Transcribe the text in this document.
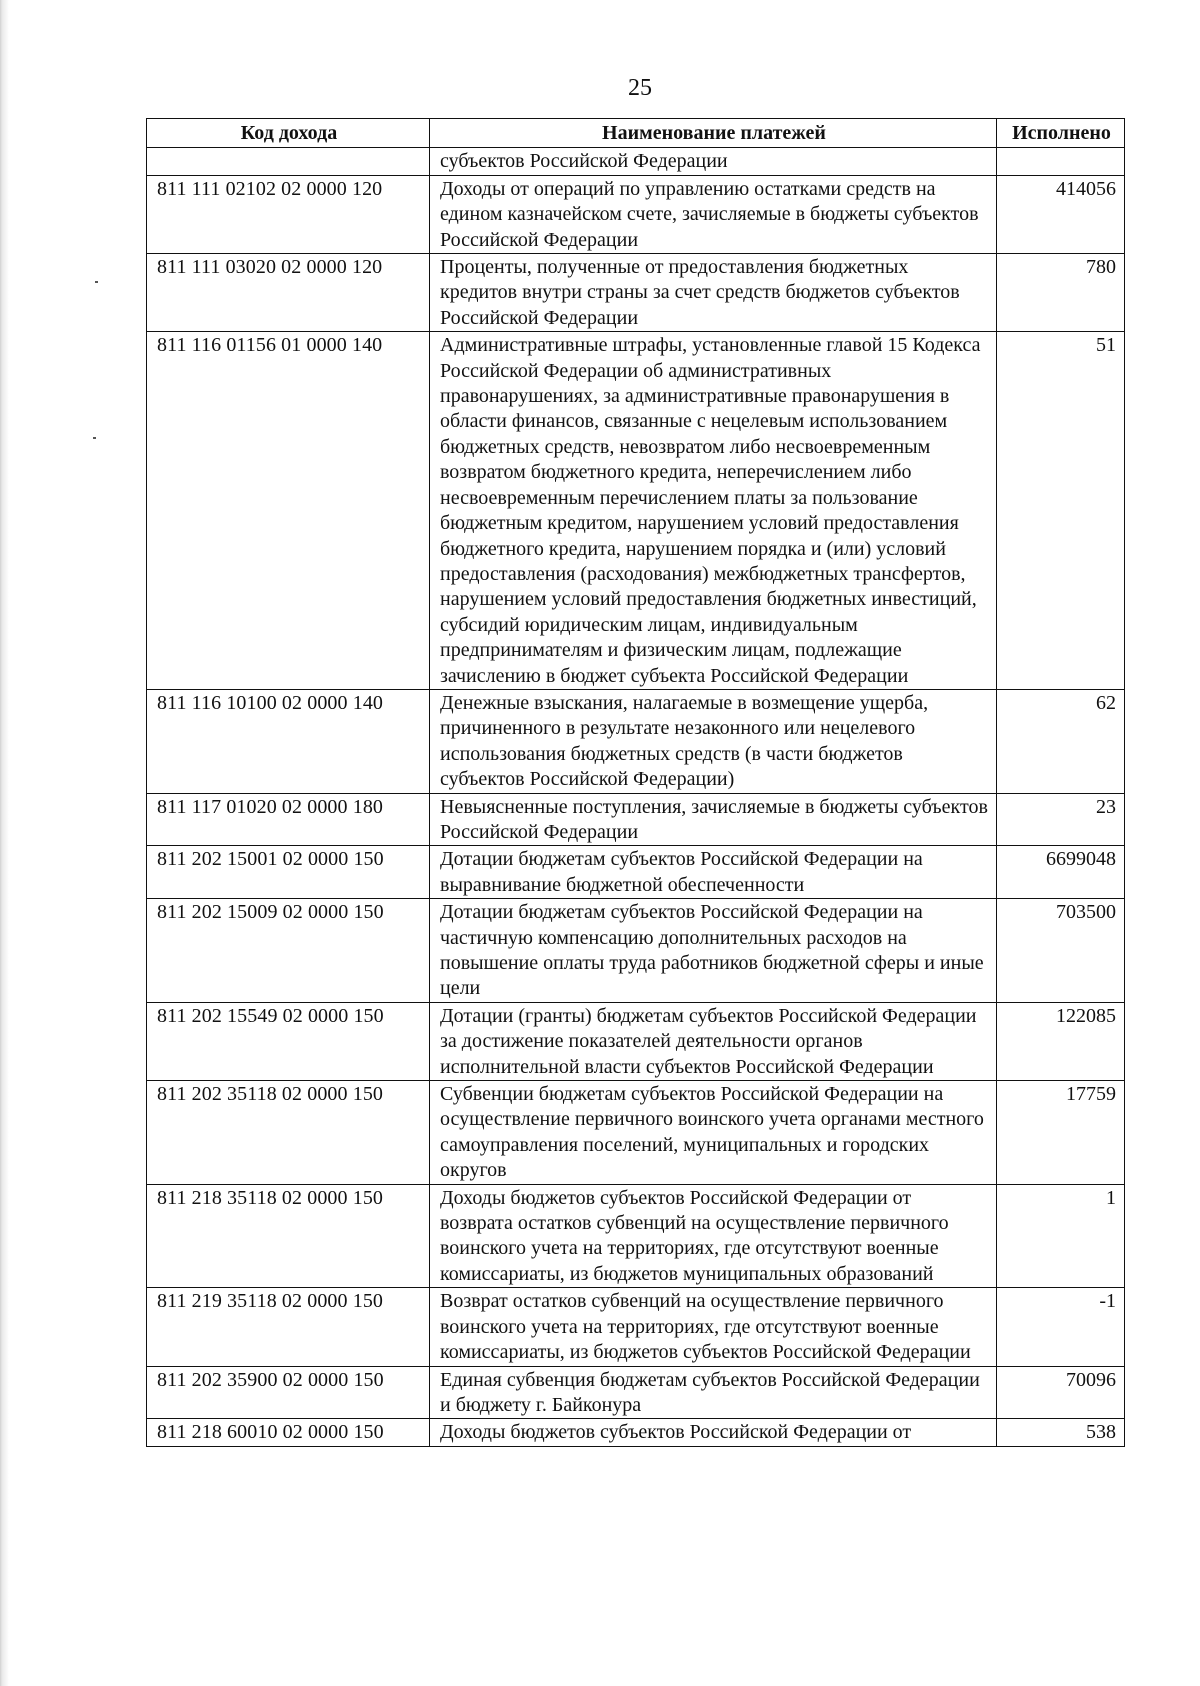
25
Код дохода	Наименование платежей	Исполнено
	субъектов Российской Федерации	
811 111 02102 02 0000 120	Доходы от операций по управлению остатками средств на едином казначейском счете, зачисляемые в бюджеты субъектов Российской Федерации	414056
811 111 03020 02 0000 120	Проценты, полученные от предоставления бюджетных кредитов внутри страны за счет средств бюджетов субъектов Российской Федерации	780
811 116 01156 01 0000 140	Административные штрафы, установленные главой 15 Кодекса Российской Федерации об административных правонарушениях, за административные правонарушения в области финансов, связанные с нецелевым использованием бюджетных средств, невозвратом либо несвоевременным возвратом бюджетного кредита, неперечислением либо несвоевременным перечислением платы за пользование бюджетным кредитом, нарушением условий предоставления бюджетного кредита, нарушением порядка и (или) условий предоставления (расходования) межбюджетных трансфертов, нарушением условий предоставления бюджетных инвестиций, субсидий юридическим лицам, индивидуальным предпринимателям и физическим лицам, подлежащие зачислению в бюджет субъекта Российской Федерации	51
811 116 10100 02 0000 140	Денежные взыскания, налагаемые в возмещение ущерба, причиненного в результате незаконного или нецелевого использования бюджетных средств (в части бюджетов субъектов Российской Федерации)	62
811 117 01020 02 0000 180	Невыясненные поступления, зачисляемые в бюджеты субъектов Российской Федерации	23
811 202 15001 02 0000 150	Дотации бюджетам субъектов Российской Федерации на выравнивание бюджетной обеспеченности	6699048
811 202 15009 02 0000 150	Дотации бюджетам субъектов Российской Федерации на частичную компенсацию дополнительных расходов на повышение оплаты труда работников бюджетной сферы и иные цели	703500
811 202 15549 02 0000 150	Дотации (гранты) бюджетам субъектов Российской Федерации за достижение показателей деятельности органов исполнительной власти субъектов Российской Федерации	122085
811 202 35118 02 0000 150	Субвенции бюджетам субъектов Российской Федерации на осуществление первичного воинского учета органами местного самоуправления поселений, муниципальных и городских округов	17759
811 218 35118 02 0000 150	Доходы бюджетов субъектов Российской Федерации от возврата остатков субвенций на осуществление первичного воинского учета на территориях, где отсутствуют военные комиссариаты, из бюджетов муниципальных образований	1
811 219 35118 02 0000 150	Возврат остатков субвенций на осуществление первичного воинского учета на территориях, где отсутствуют военные комиссариаты, из бюджетов субъектов Российской Федерации	-1
811 202 35900 02 0000 150	Единая субвенция бюджетам субъектов Российской Федерации и бюджету г. Байконура	70096
811 218 60010 02 0000 150	Доходы бюджетов субъектов Российской Федерации от	538
